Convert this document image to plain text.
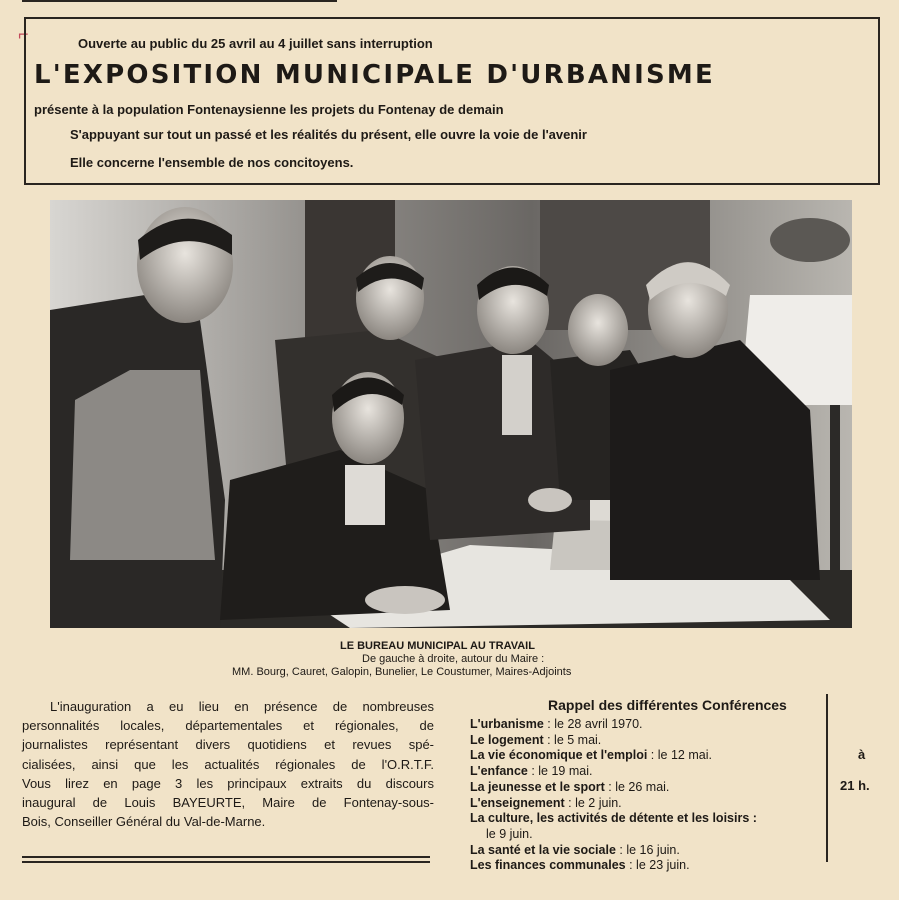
⌐	Ouverte au public du 25 avril au 4 juillet sans interruption
L'EXPOSITION MUNICIPALE D'URBANISME
présente à la population Fontenaysienne les projets du Fontenay de demain
S'appuyant sur tout un passé et les réalités du présent, elle ouvre la voie de l'avenir
Elle concerne l'ensemble de nos concitoyens.
LE BUREAU MUNICIPAL AU TRAVAIL
De gauche à droite, autour du Maire :
MM. Bourg, Cauret, Galopin, Bunelier, Le Coustumer, Maires-Adjoints

L'inauguration a eu lieu en présence de nombreuses

personnalités locales, départementales et régionales, de

journalistes représentant divers quotidiens et revues spé-

cialisées, ainsi que les actualités régionales de l'O.R.T.F.

Vous lirez en page 3 les principaux extraits du discours

inaugural de Louis BAYEURTE, Maire de Fontenay-sous-

Bois, Conseiller Général du Val-de-Marne.

Rappel des différentes Conférences
L'urbanisme : le 28 avril 1970.
Le logement : le 5 mai.
La vie économique et l'emploi : le 12 mai.
L'enfance : le 19 mai.
La jeunesse et le sport : le 26 mai.
L'enseignement : le 2 juin.
La culture, les activités de détente et les loisirs :
le 9 juin.
La santé et la vie sociale : le 16 juin.
Les finances communales : le 23 juin.
à
21 h.
